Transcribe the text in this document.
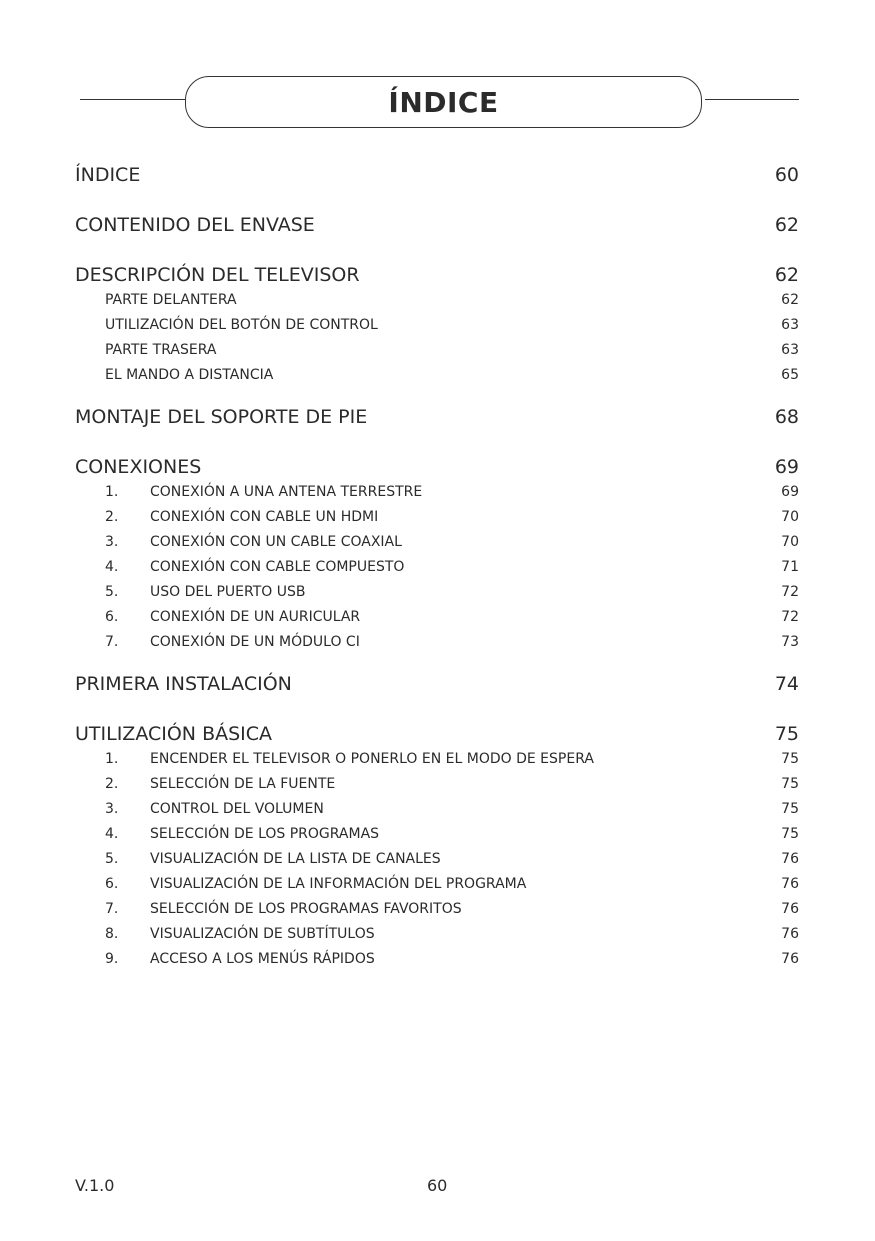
ÍNDICE
ÍNDICE	60
CONTENIDO DEL ENVASE	62
DESCRIPCIÓN DEL TELEVISOR	62
PARTE DELANTERA	62
UTILIZACIÓN DEL BOTÓN DE CONTROL	63
PARTE TRASERA	63
EL MANDO A DISTANCIA	65
MONTAJE DEL SOPORTE DE PIE	68
CONEXIONES	69
1. CONEXIÓN A UNA ANTENA TERRESTRE	69
2. CONEXIÓN CON CABLE UN HDMI	70
3. CONEXIÓN CON UN CABLE COAXIAL	70
4. CONEXIÓN CON CABLE COMPUESTO	71
5. USO DEL PUERTO USB	72
6. CONEXIÓN DE UN AURICULAR	72
7. CONEXIÓN DE UN MÓDULO CI	73
PRIMERA INSTALACIÓN	74
UTILIZACIÓN BÁSICA	75
1. ENCENDER EL TELEVISOR O PONERLO EN EL MODO DE ESPERA	75
2. SELECCIÓN DE LA FUENTE	75
3. CONTROL DEL VOLUMEN	75
4. SELECCIÓN DE LOS PROGRAMAS	75
5. VISUALIZACIÓN DE LA LISTA DE CANALES	76
6. VISUALIZACIÓN DE LA INFORMACIÓN DEL PROGRAMA	76
7. SELECCIÓN DE LOS PROGRAMAS FAVORITOS	76
8. VISUALIZACIÓN DE SUBTÍTULOS	76
9. ACCESO A LOS MENÚS RÁPIDOS	76
V.1.0	60
